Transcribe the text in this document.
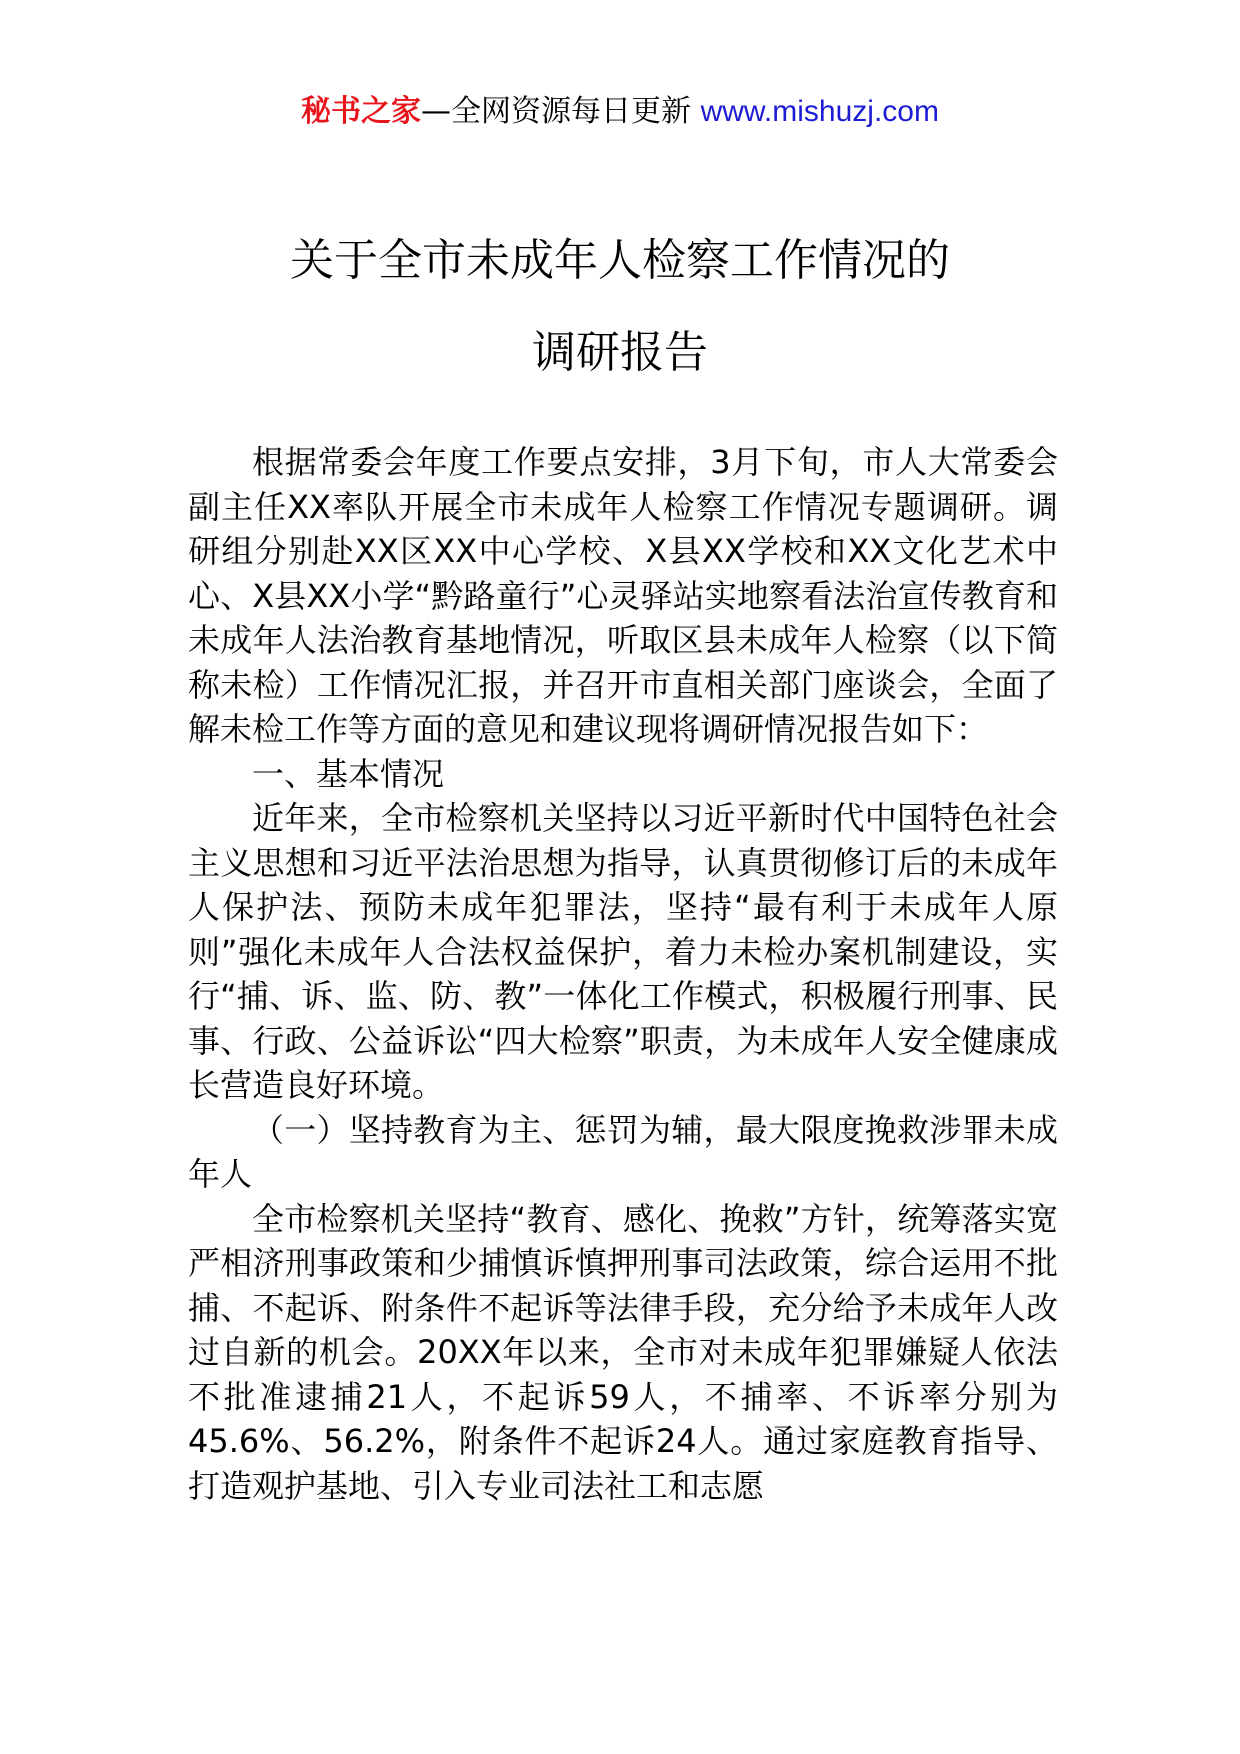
秘书之家—全网资源每日更新 www.mishuzj.com
关于全市未成年人检察工作情况的
调研报告

根据常委会年度工作要点安排，3月下旬，市人大常委会副主任XX率队开展全市未成年人检察工作情况专题调研。调研组分别赴XX区XX中心学校、X县XX学校和XX文化艺术中心、X县XX小学“黔路童行”心灵驿站实地察看法治宣传教育和未成年人法治教育基地情况，听取区县未成年人检察（以下简称未检）工作情况汇报，并召开市直相关部门座谈会，全面了解未检工作等方面的意见和建议现将调研情况报告如下：

一、基本情况

近年来，全市检察机关坚持以习近平新时代中国特色社会主义思想和习近平法治思想为指导，认真贯彻修订后的未成年人保护法、预防未成年犯罪法，坚持“最有利于未成年人原则”强化未成年人合法权益保护，着力未检办案机制建设，实行“捕、诉、监、防、教”一体化工作模式，积极履行刑事、民事、行政、公益诉讼“四大检察”职责，为未成年人安全健康成长营造良好环境。

（一）坚持教育为主、惩罚为辅，最大限度挽救涉罪未成年人

全市检察机关坚持“教育、感化、挽救”方针，统筹落实宽严相济刑事政策和少捕慎诉慎押刑事司法政策，综合运用不批捕、不起诉、附条件不起诉等法律手段，充分给予未成年人改过自新的机会。20XX年以来，全市对未成年犯罪嫌疑人依法不批准逮捕21人，不起诉59人，不捕率、不诉率分别为45.6%、56.2%，附条件不起诉24人。通过家庭教育指导、打造观护基地、引入专业司法社工和志愿
